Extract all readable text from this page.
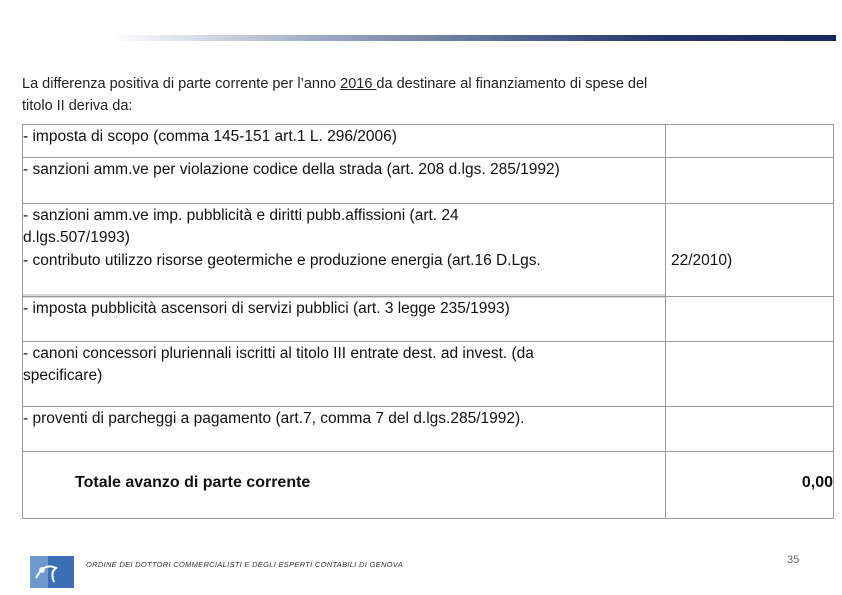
La differenza positiva di parte corrente per l’anno 2016 da destinare al finanziamento di spese del
titolo II deriva da:
- imposta di scopo (comma 145-151 art.1 L. 296/2006)
- sanzioni amm.ve per violazione codice della strada (art. 208 d.lgs. 285/1992)
- sanzioni amm.ve imp. pubblicità e diritti pubb.affissioni (art. 24
d.lgs.507/1993)
- contributo utilizzo risorse geotermiche e produzione energia (art.16 D.Lgs.	22/2010)
- imposta pubblicità ascensori di servizi pubblici (art. 3 legge 235/1993)
- canoni concessori pluriennali iscritti al titolo III entrate dest. ad invest. (da
specificare)
- proventi di parcheggi a pagamento (art.7, comma 7 del d.lgs.285/1992).
Totale avanzo di parte corrente	0,00
ORDINE DEI DOTTORI COMMERCIALISTI E DEGLI ESPERTI CONTABILI DI GENOVA	35
